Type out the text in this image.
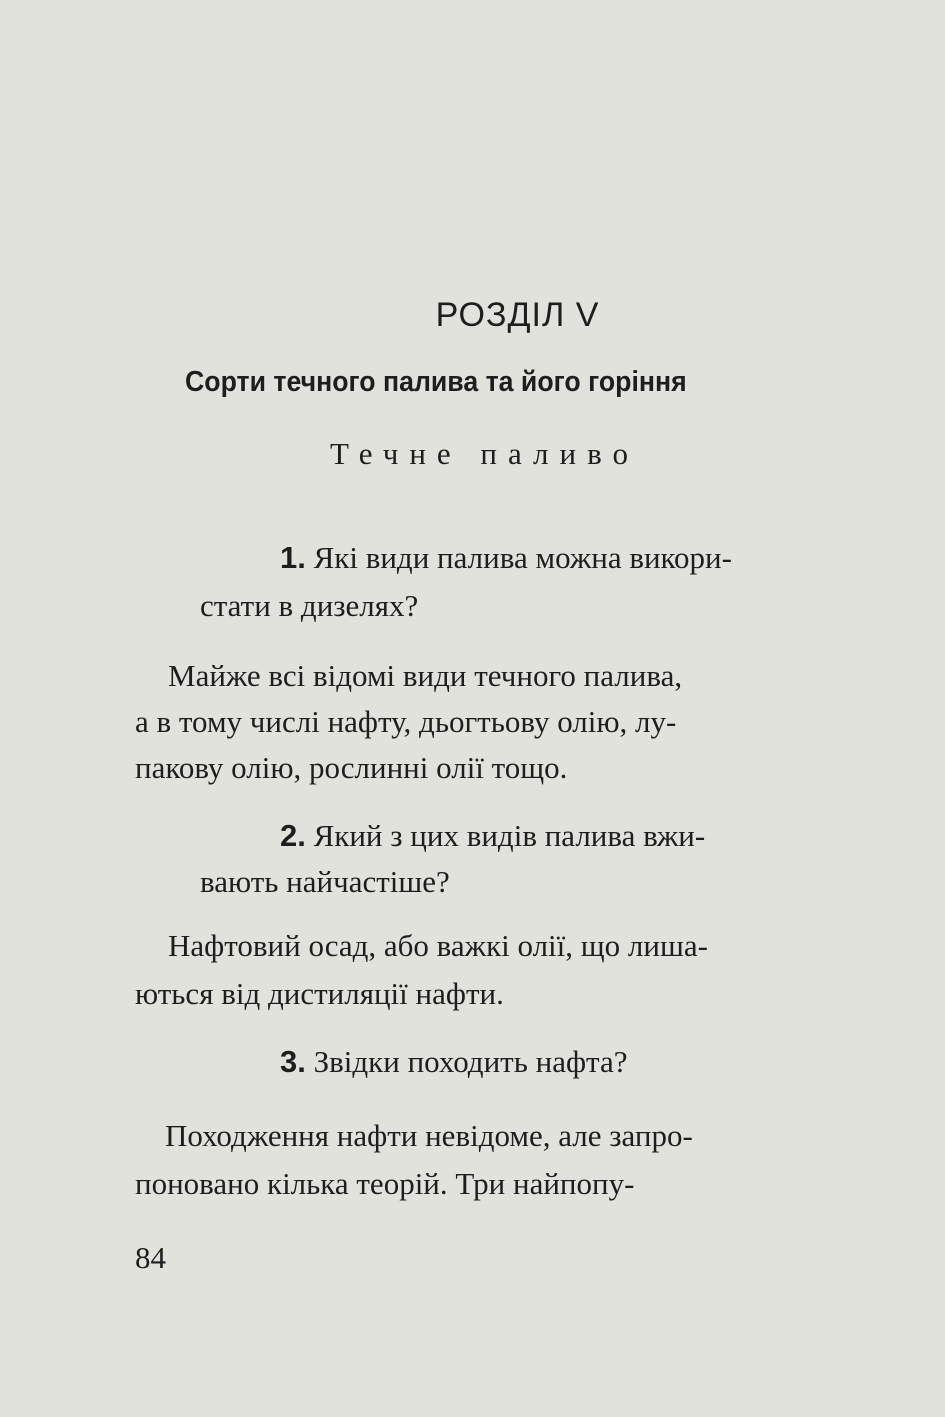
РОЗДІЛ V
Сорти течного палива та його горіння
Течне паливо
1. Які види палива можна викори-
стати в дизелях?
Майже всі відомі види течного палива,
а в тому числі нафту, дьогтьову олію, лу-
пакову олію, рослинні олії тощо.
2. Який з цих видів палива вжи-
вають найчастіше?
Нафтовий осад, або важкі олії, що лиша-
ються від дистиляції нафти.
3. Звідки походить нафта?
Походження нафти невідоме, але запро-
поновано кілька теорій. Три найпопу-
84
